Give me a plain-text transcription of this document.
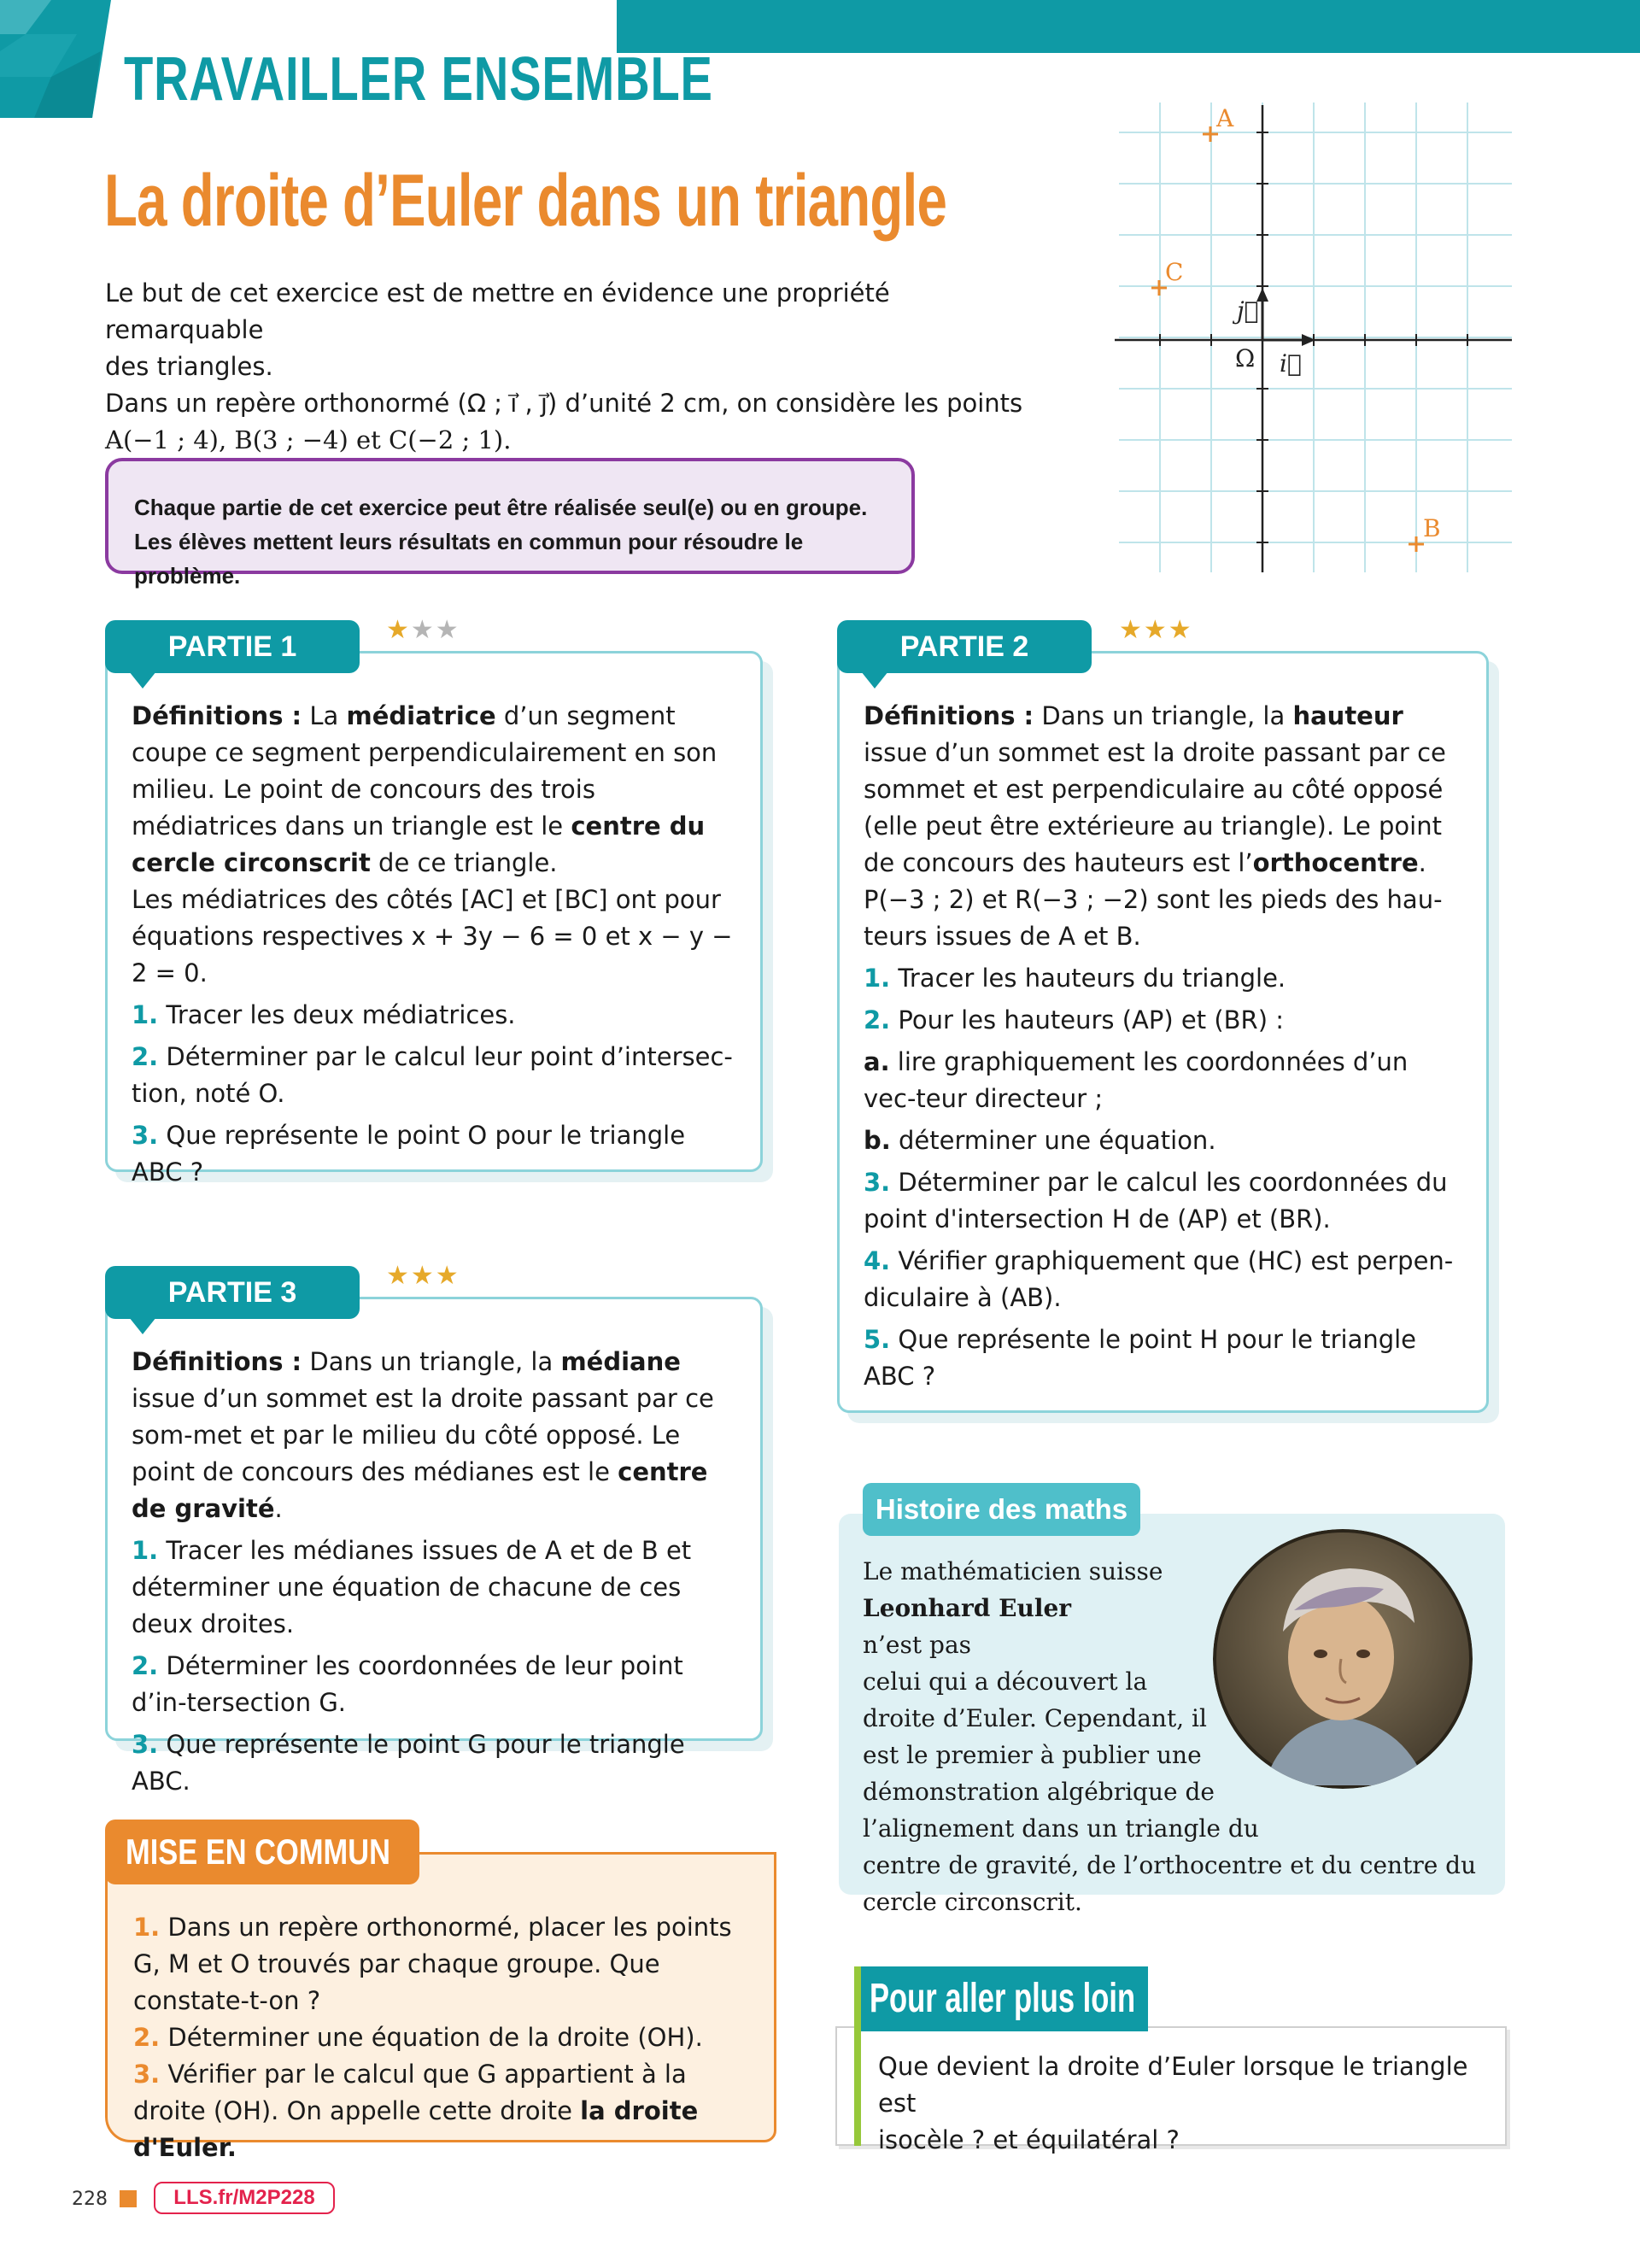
TRAVAILLER ENSEMBLE
La droite d’Euler dans un triangle
Le but de cet exercice est de mettre en évidence une propriété remarquable
des triangles.
Dans un repère orthonormé (Ω ; i⃗ , j⃗) d’unité 2 cm, on considère les points
A(−1 ; 4), B(3 ; −4) et C(−2 ; 1).
Chaque partie de cet exercice peut être réalisée seul(e) ou en groupe.
Les élèves mettent leurs résultats en commun pour résoudre le problème.
A
C
B
Ω
j⃗
i⃗

Définitions : La médiatrice d’un segment coupe ce segment perpendiculairement en son milieu. Le point de concours des trois médiatrices dans un triangle est le centre du cercle circonscrit de ce triangle.

Les médiatrices des côtés [AC] et [BC] ont pour équations respectives x + 3y − 6 = 0 et x − y − 2 = 0.

1. Tracer les deux médiatrices.

2. Déterminer par le calcul leur point d’intersec-tion, noté O.

3. Que représente le point O pour le triangle ABC ?

PARTIE 1
★★★

Définitions : Dans un triangle, la hauteur issue d’un sommet est la droite passant par ce sommet et est perpendiculaire au côté opposé (elle peut être extérieure au triangle). Le point de concours des hauteurs est l’orthocentre.

P(−3 ; 2) et R(−3 ; −2) sont les pieds des hau-teurs issues de A et B.

1. Tracer les hauteurs du triangle.

2. Pour les hauteurs (AP) et (BR) :

a. lire graphiquement les coordonnées d’un vec-teur directeur ;

b. déterminer une équation.

3. Déterminer par le calcul les coordonnées du point d'intersection H de (AP) et (BR).

4. Vérifier graphiquement que (HC) est perpen-diculaire à (AB).

5. Que représente le point H pour le triangle ABC ?

PARTIE 2
★★★

Définitions : Dans un triangle, la médiane issue d’un sommet est la droite passant par ce som-met et par le milieu du côté opposé. Le point de concours des médianes est le centre de gravité.

1. Tracer les médianes issues de A et de B et déterminer une équation de chacune de ces deux droites.

2. Déterminer les coordonnées de leur point d’in-tersection G.

3. Que représente le point G pour le triangle ABC.

PARTIE 3
★★★

1. Dans un repère orthonormé, placer les points G, M et O trouvés par chaque groupe. Que constate-t-on ?

2. Déterminer une équation de la droite (OH).

3. Vérifier par le calcul que G appartient à la droite (OH). On appelle cette droite la droite d'Euler.

MISE EN COMMUN
Le mathématicien suisse
Leonhard Euler
n’est pas
celui qui a découvert la
droite d’Euler. Cependant, il
est le premier à publier une
démonstration algébrique de
l’alignement dans un triangle du
centre de gravité, de l’orthocentre et du centre du
cercle circonscrit.
Histoire des maths
Que devient la droite d’Euler lorsque le triangle est
isocèle ? et équilatéral ?
Pour aller plus loin
228	LLS.fr/M2P228
